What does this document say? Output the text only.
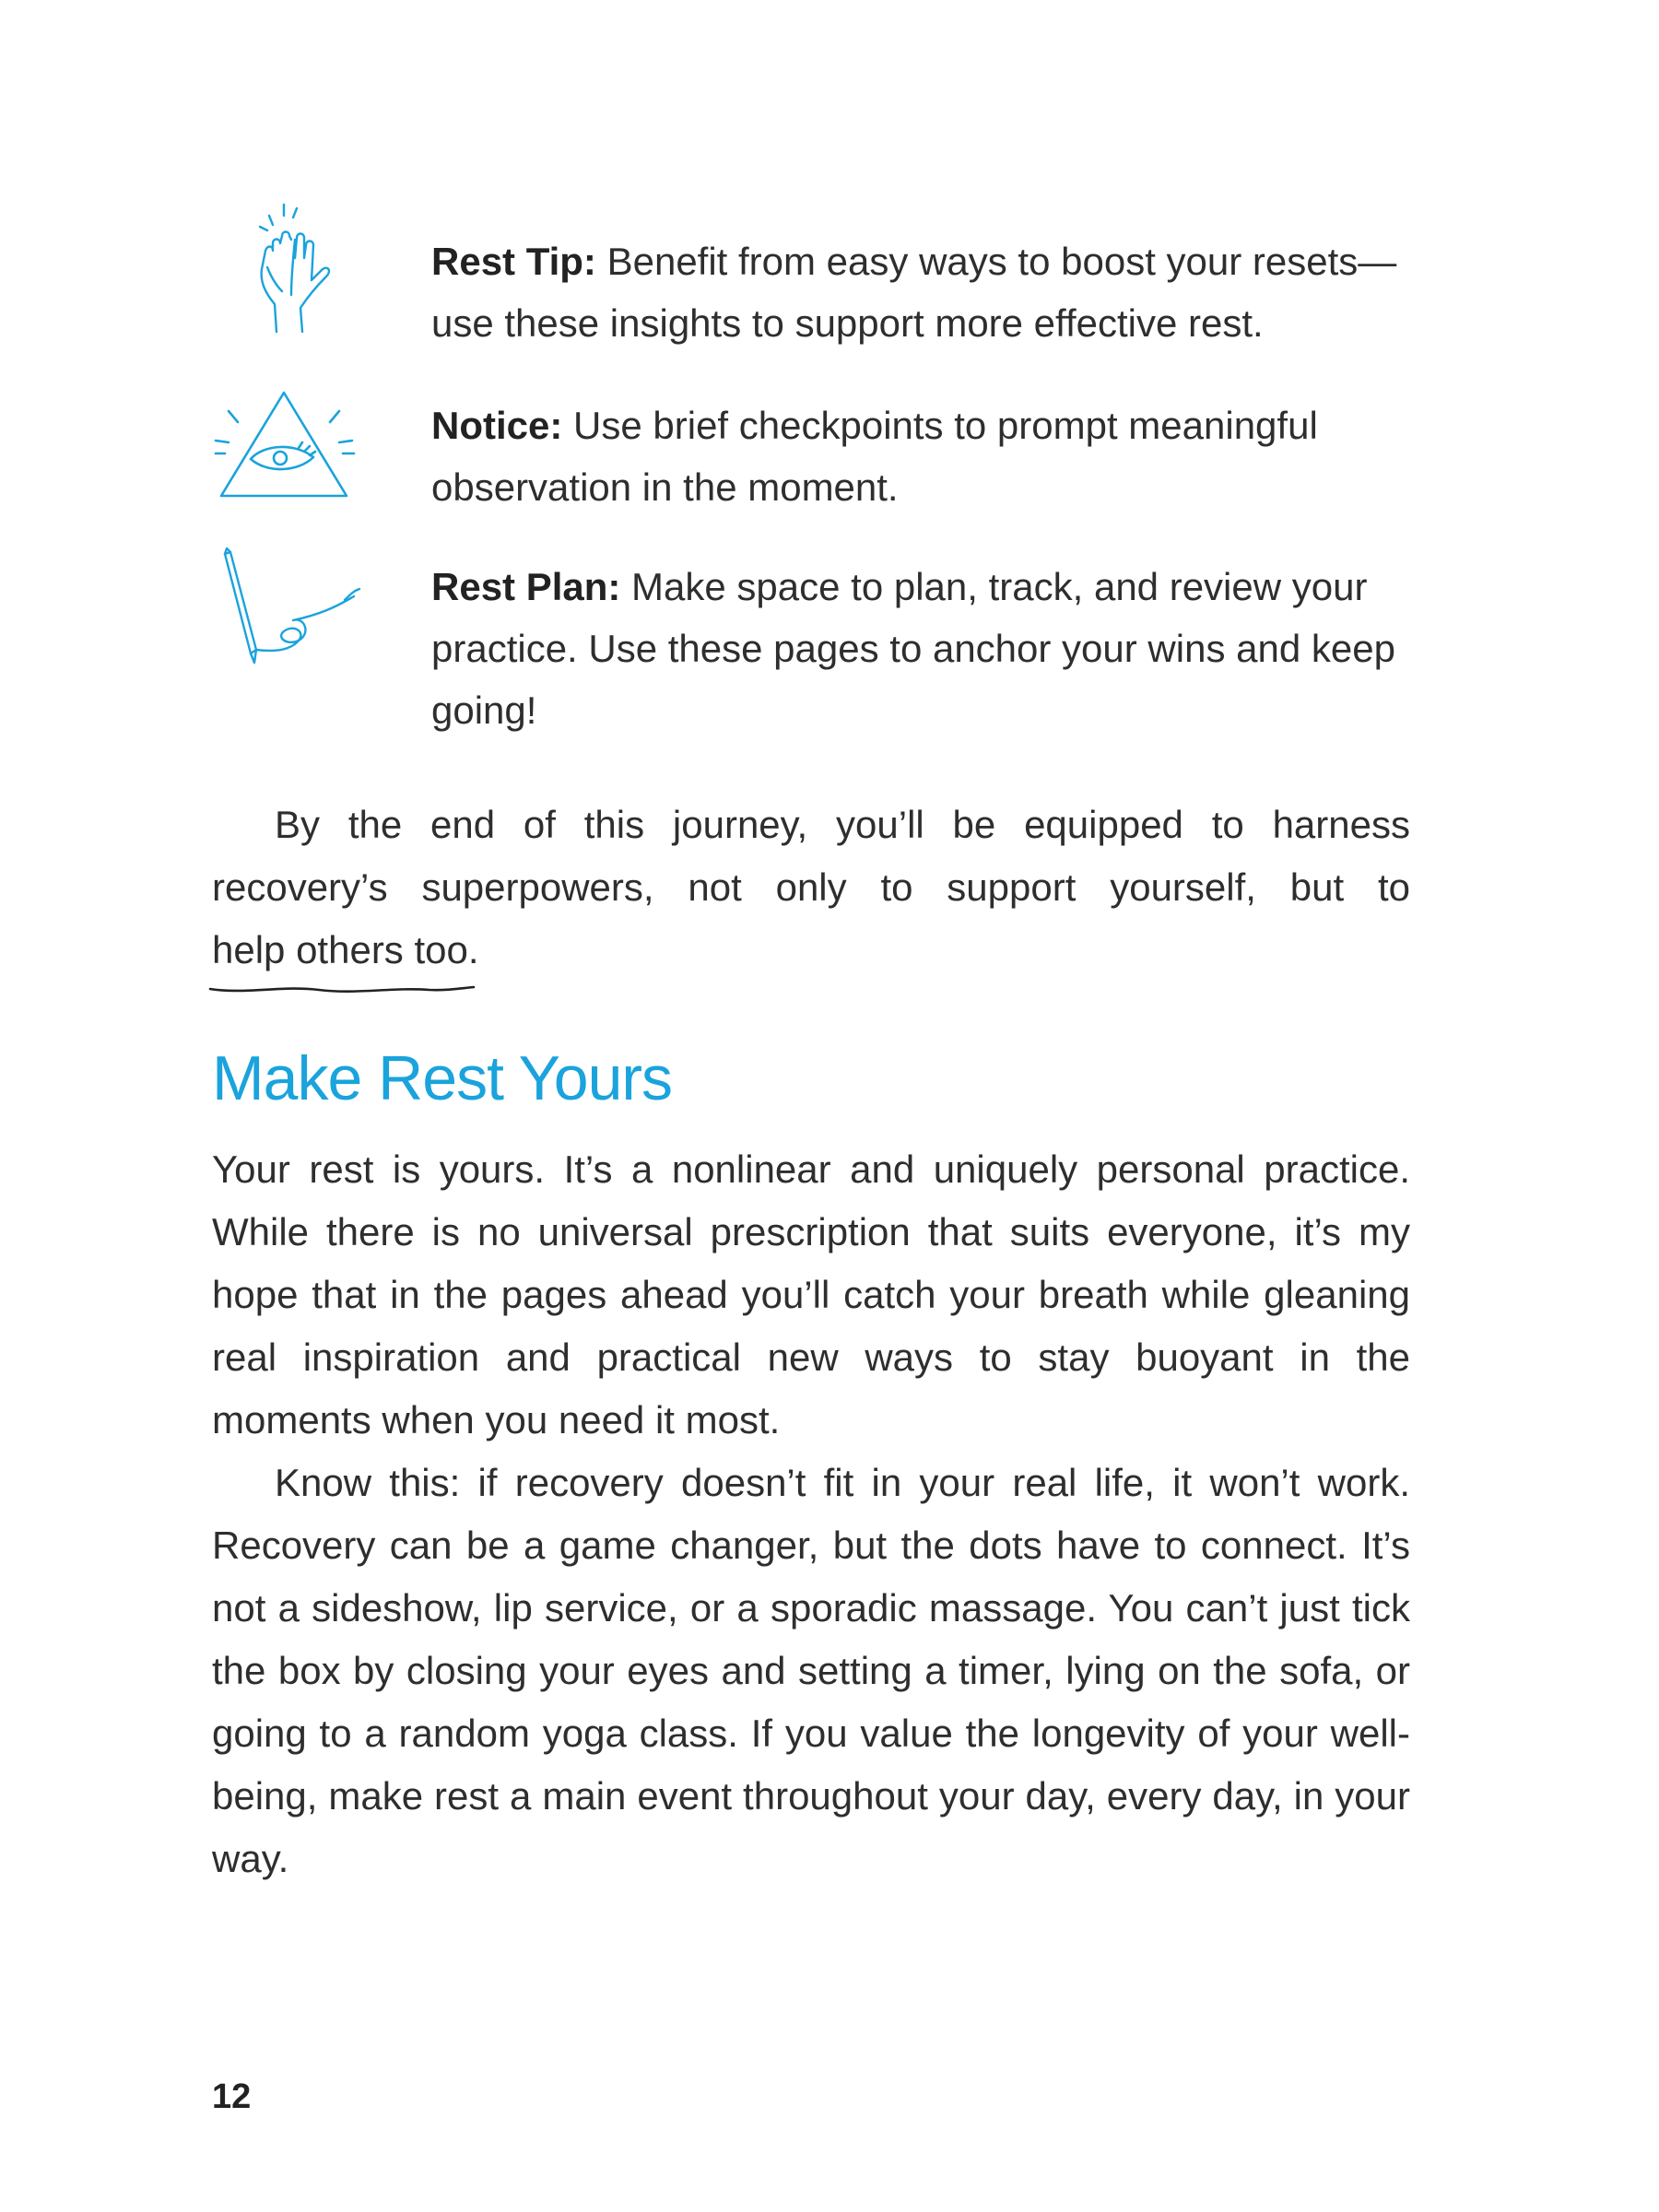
Rest Tip: Benefit from easy ways to boost your resets—use these insights to support more effective rest.
Notice: Use brief checkpoints to prompt meaningful observation in the moment.
Rest Plan: Make space to plan, track, and review your practice. Use these pages to anchor your wins and keep going!
By the end of this journey, you’ll be equipped to harness recovery’s superpowers, not only to support yourself, but to help others too
.
Make Rest Yours
Your rest is yours. It’s a nonlinear and uniquely personal practice. While there is no universal prescription that suits everyone, it’s my hope that in the pages ahead you’ll catch your breath while gleaning real inspiration and practical new ways to stay buoyant in the moments when you need it most.
Know this: if recovery doesn’t fit in your real life, it won’t work. Recovery can be a game changer, but the dots have to connect. It’s not a sideshow, lip service, or a sporadic massage. You can’t just tick the box by closing your eyes and setting a timer, lying on the sofa, or going to a random yoga class. If you value the longevity of your well-being, make rest a main event throughout your day, every day, in your way.
12
